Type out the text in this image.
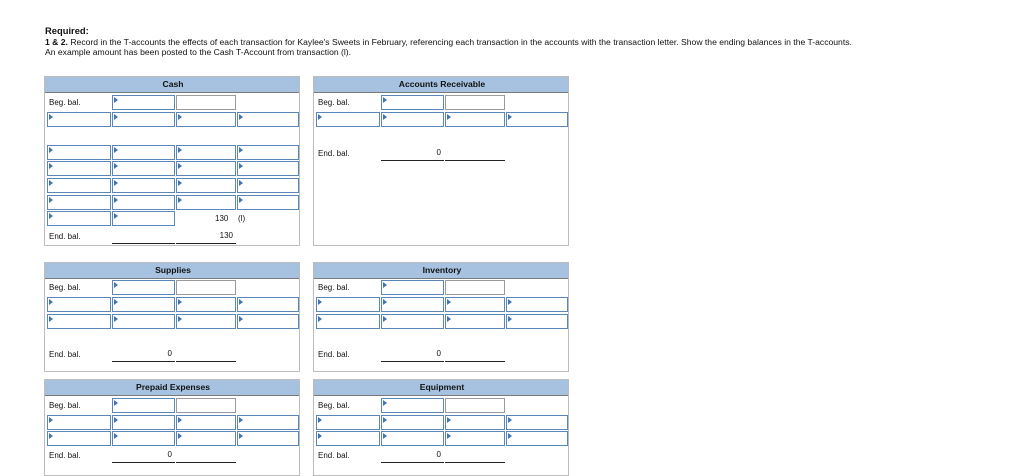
Required:
1 & 2. Record in the T-accounts the effects of each transaction for Kaylee's Sweets in February, referencing each transaction in the accounts with the transaction letter. Show the ending balances in the T-accounts.
An example amount has been posted to the Cash T-Account from transaction (l).
Cash
Beg. bal.
130 (l)
End. bal.	130
Accounts Receivable
Beg. bal.
End. bal.	0
Supplies
Beg. bal.
End. bal.	0
Inventory
Beg. bal.
End. bal.	0
Prepaid Expenses
Beg. bal.
End. bal.	0
Equipment
Beg. bal.
End. bal.	0
